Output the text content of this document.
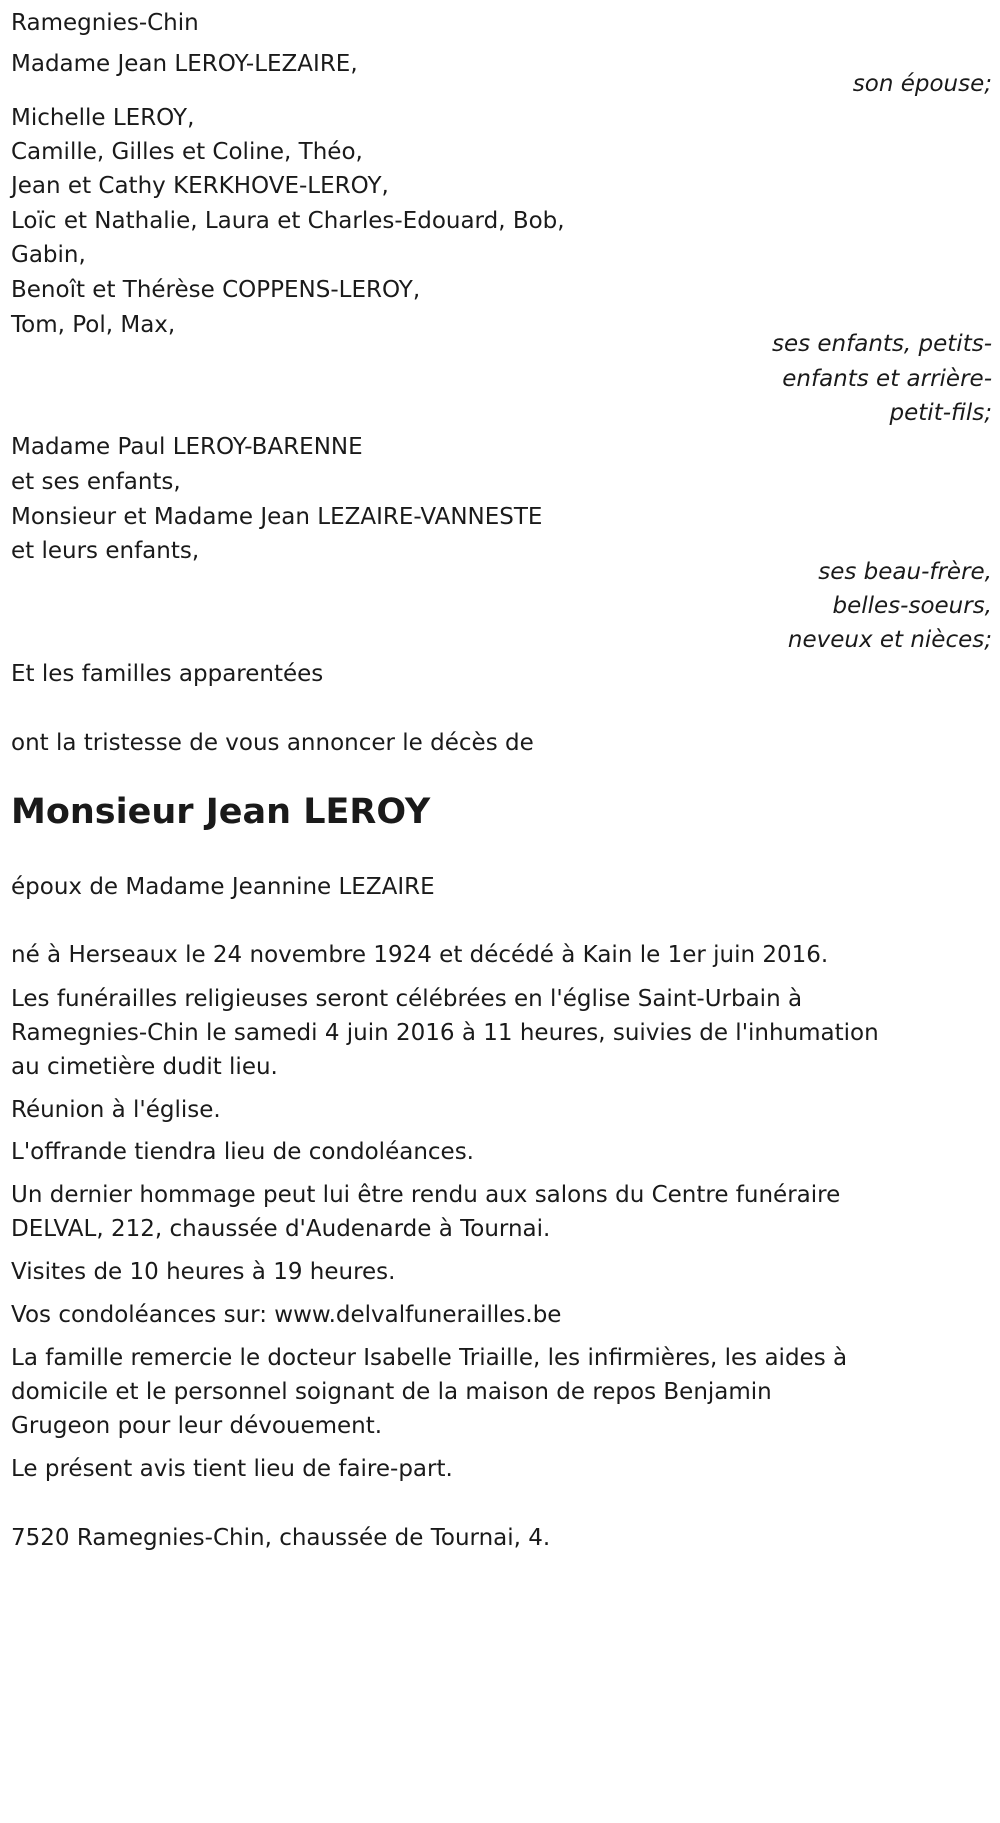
Ramegnies-Chin
Madame Jean LEROY-LEZAIRE,
son épouse;
Michelle LEROY,
Camille, Gilles et Coline, Théo,
Jean et Cathy KERKHOVE-LEROY,
Loïc et Nathalie, Laura et Charles-Edouard, Bob,
Gabin,
Benoît et Thérèse COPPENS-LEROY,
Tom, Pol, Max,
ses enfants, petits-
enfants et arrière-
petit-fils;
Madame Paul LEROY-BARENNE
et ses enfants,
Monsieur et Madame Jean LEZAIRE-VANNESTE
et leurs enfants,
ses beau-frère,
belles-soeurs,
neveux et nièces;
Et les familles apparentées
ont la tristesse de vous annoncer le décès de
Monsieur Jean LEROY
époux de Madame Jeannine LEZAIRE
né à Herseaux le 24 novembre 1924 et décédé à Kain le 1er juin 2016.
Les funérailles religieuses seront célébrées en l'église Saint-Urbain à
Ramegnies-Chin le samedi 4 juin 2016 à 11 heures, suivies de l'inhumation
au cimetière dudit lieu.
Réunion à l'église.
L'offrande tiendra lieu de condoléances.
Un dernier hommage peut lui être rendu aux salons du Centre funéraire
DELVAL, 212, chaussée d'Audenarde à Tournai.
Visites de 10 heures à 19 heures.
Vos condoléances sur: www.delvalfunerailles.be
La famille remercie le docteur Isabelle Triaille, les infirmières, les aides à
domicile et le personnel soignant de la maison de repos Benjamin
Grugeon pour leur dévouement.
Le présent avis tient lieu de faire-part.
7520 Ramegnies-Chin, chaussée de Tournai, 4.
